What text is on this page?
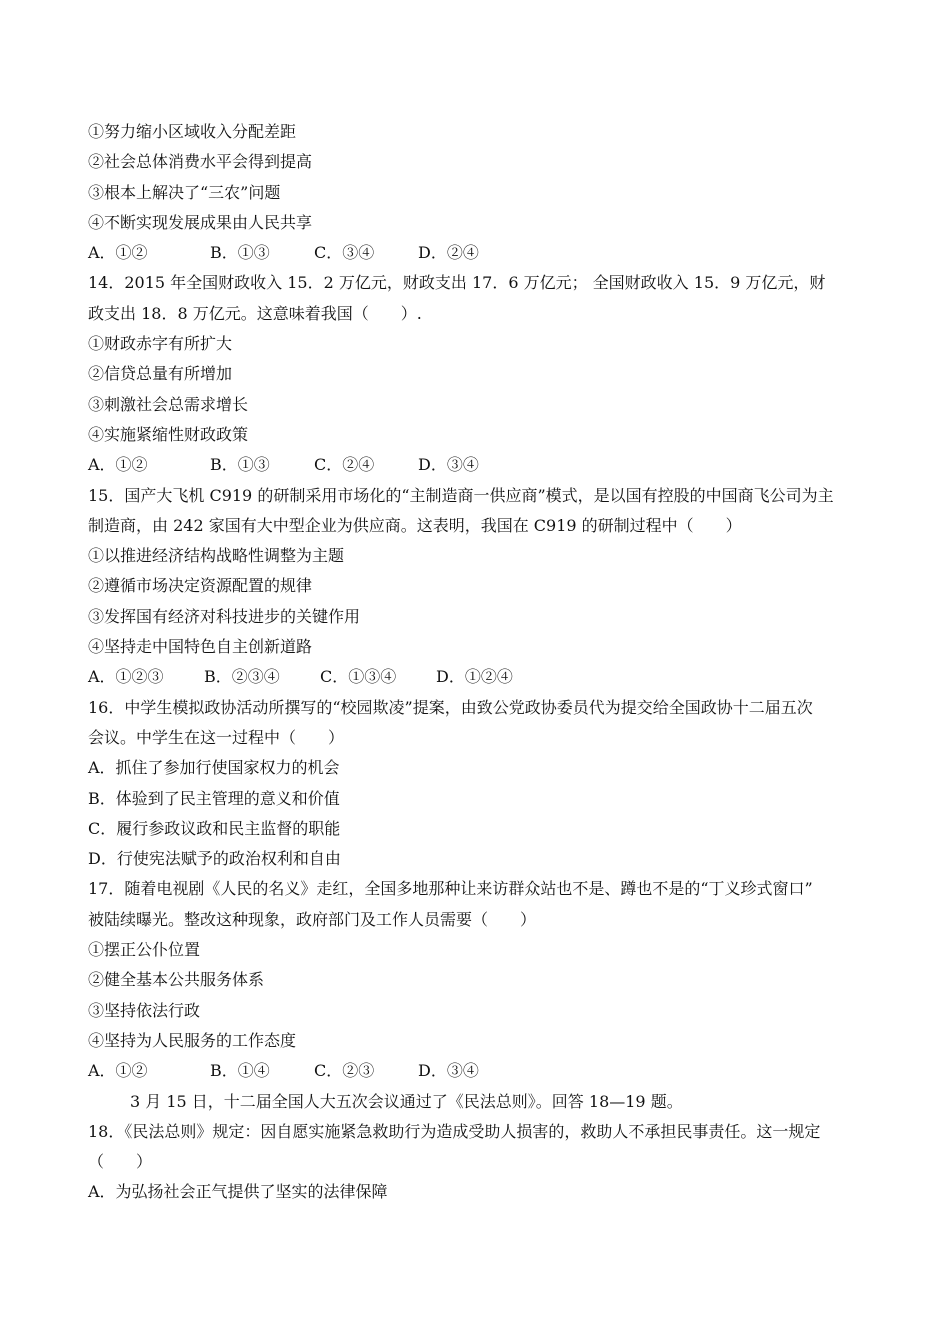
①努力缩小区域收入分配差距
②社会总体消费水平会得到提高
③根本上解决了“三农”问题
④不断实现发展成果由人民共享
A．①②	B．①③	C．③④	D．②④
14．2015 年全国财政收入 15．2 万亿元，财政支出 17．6 万亿元； 全国财政收入 15．9 万亿元，财
政支出 18．8 万亿元。这意味着我国（　　）.
①财政赤字有所扩大
②信贷总量有所增加
③刺激社会总需求增长
④实施紧缩性财政政策
A．①②	B．①③	C．②④	D．③④
15．国产大飞机 C919 的研制采用市场化的“主制造商一供应商”模式，是以国有控股的中国商飞公司为主
制造商，由 242 家国有大中型企业为供应商。这表明，我国在 C919 的研制过程中（　　）
①以推进经济结构战略性调整为主题
②遵循市场决定资源配置的规律
③发挥国有经济对科技进步的关键作用
④坚持走中国特色自主创新道路
A．①②③	B．②③④	C．①③④	D．①②④
16．中学生模拟政协活动所撰写的“校园欺凌”提案，由致公党政协委员代为提交给全国政协十二届五次
会议。中学生在这一过程中（　　）
A．抓住了参加行使国家权力的机会
B．体验到了民主管理的意义和价值
C．履行参政议政和民主监督的职能
D．行使宪法赋予的政治权利和自由
17．随着电视剧《人民的名义》走红，全国多地那种让来访群众站也不是、蹲也不是的“丁义珍式窗口”
被陆续曝光。整改这种现象，政府部门及工作人员需要（　　）
①摆正公仆位置
②健全基本公共服务体系
③坚持依法行政
④坚持为人民服务的工作态度
A．①②	B．①④	C．②③	D．③④
3 月 15 日，十二届全国人大五次会议通过了《民法总则》。回答 18—19 题。
18．《民法总则》规定：因自愿实施紧急救助行为造成受助人损害的，救助人不承担民事责任。这一规定
（　　）
A．为弘扬社会正气提供了坚实的法律保障
